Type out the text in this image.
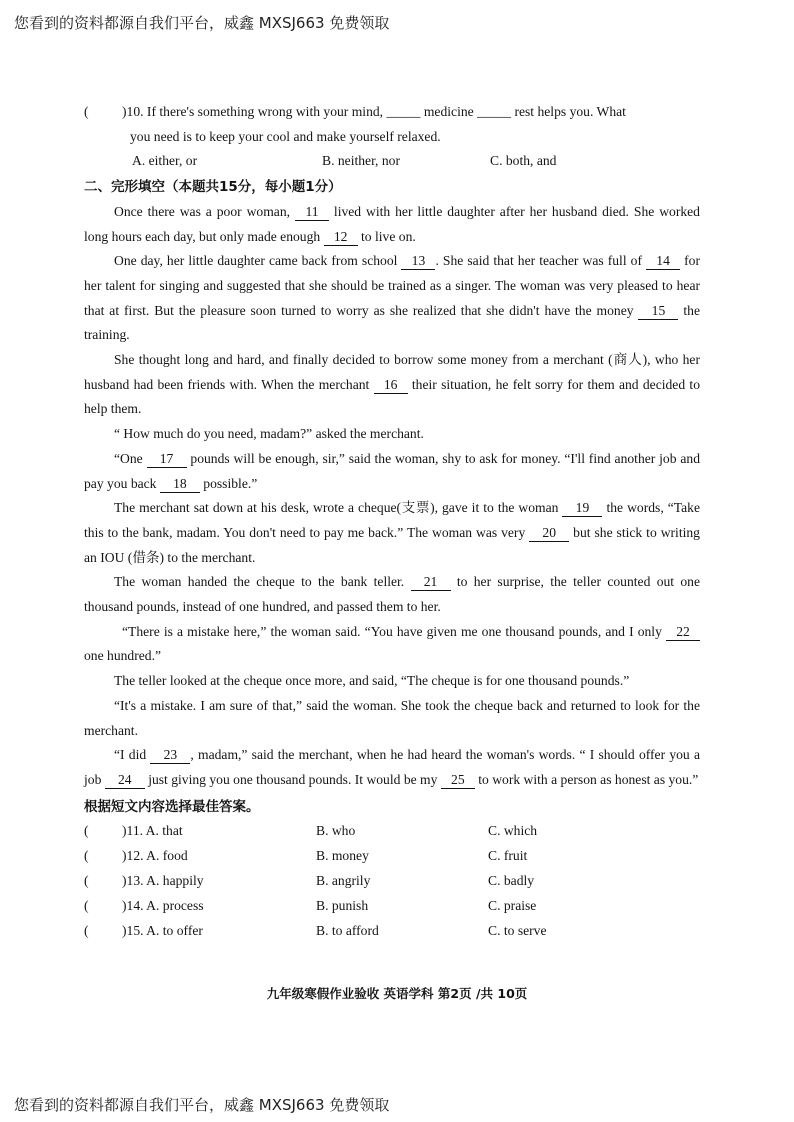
您看到的资料都源自我们平台，威鑫 MXSJ663 免费领取
(	)10. If there's something wrong with your mind, _____ medicine _____ rest helps you. What
you need is to keep your cool and make yourself relaxed.
A. either, or	B. neither, nor	C. both, and
二、完形填空（本题共15分，每小题1分）

Once there was a poor woman, 11 lived with her little daughter after her husband died. She worked long hours each day, but only made enough 12 to live on.

One day, her little daughter came back from school 13 . She said that her teacher was full of 14 for her talent for singing and suggested that she should be trained as a singer. The woman was very pleased to hear that at first. But the pleasure soon turned to worry as she realized that she didn't have the money 15 the training.

She thought long and hard, and finally decided to borrow some money from a merchant (商人), who her husband had been friends with. When the merchant 16 their situation, he felt sorry for them and decided to help them.

“ How much do you need, madam?” asked the merchant.

“One 17 pounds will be enough, sir,” said the woman, shy to ask for money. “I'll find another job and pay you back 18 possible.”

The merchant sat down at his desk, wrote a cheque(支票), gave it to the woman 19 the words, “Take this to the bank, madam. You don't need to pay me back.” The woman was very 20 but she stick to writing an IOU (借条) to the merchant.

The woman handed the cheque to the bank teller. 21 to her surprise, the teller counted out one thousand pounds, instead of one hundred, and passed them to her.

“There is a mistake here,” the woman said. “You have given me one thousand pounds, and I only 22 one hundred.”

The teller looked at the cheque once more, and said, “The cheque is for one thousand pounds.”

“It's a mistake. I am sure of that,” said the woman. She took the cheque back and returned to look for the merchant.

“I did 23 , madam,” said the merchant, when he had heard the woman's words. “ I should offer you a job 24 just giving you one thousand pounds. It would be my 25 to work with a person as honest as you.”

根据短文内容选择最佳答案。
( )11. A. that	B. who	C. which
( )12. A. food	B. money	C. fruit
( )13. A. happily	B. angrily	C. badly
( )14. A. process	B. punish	C. praise
( )15. A. to offer	B. to afford	C. to serve
九年级寒假作业验收 英语学科 第2页 /共 10页
您看到的资料都源自我们平台，威鑫 MXSJ663 免费领取
